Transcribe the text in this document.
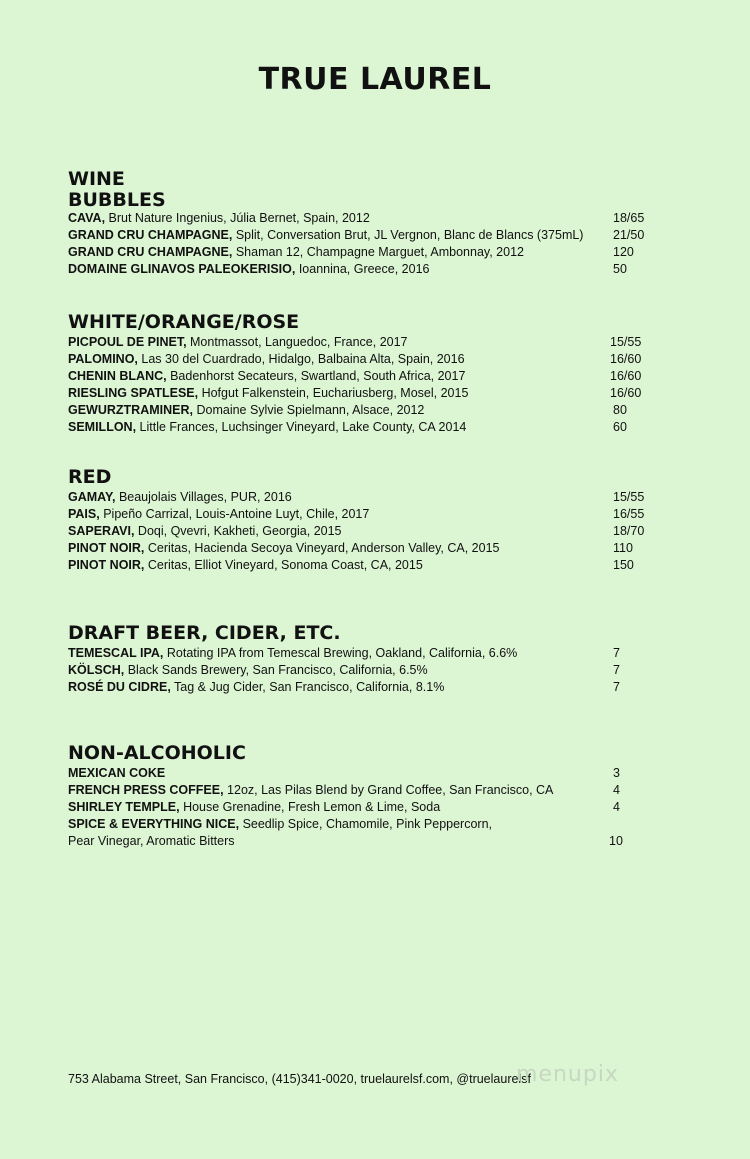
TRUE LAUREL
WINE
BUBBLES
CAVA, Brut Nature Ingenius, Júlia Bernet, Spain, 2012	18/65
GRAND CRU CHAMPAGNE, Split, Conversation Brut, JL Vergnon, Blanc de Blancs (375mL) 21/50
GRAND CRU CHAMPAGNE, Shaman 12, Champagne Marguet, Ambonnay, 2012	120
DOMAINE GLINAVOS PALEOKERISIO, Ioannina, Greece, 2016	50
WHITE/ORANGE/ROSE
PICPOUL DE PINET, Montmassot, Languedoc, France, 2017	15/55
PALOMINO, Las 30 del Cuardrado, Hidalgo, Balbaina Alta, Spain, 2016	16/60
CHENIN BLANC, Badenhorst Secateurs, Swartland, South Africa, 2017	16/60
RIESLING SPATLESE, Hofgut Falkenstein, Euchariusberg, Mosel, 2015	16/60
GEWURZTRAMINER, Domaine Sylvie Spielmann, Alsace, 2012	80
SEMILLON, Little Frances, Luchsinger Vineyard, Lake County, CA 2014	60
RED
GAMAY, Beaujolais Villages, PUR, 2016	15/55
PAIS, Pipeño Carrizal, Louis-Antoine Luyt, Chile, 2017	16/55
SAPERAVI, Doqi, Qvevri, Kakheti, Georgia, 2015	18/70
PINOT NOIR, Ceritas, Hacienda Secoya Vineyard, Anderson Valley, CA, 2015	110
PINOT NOIR, Ceritas, Elliot Vineyard, Sonoma Coast, CA, 2015	150
DRAFT BEER, CIDER, ETC.
TEMESCAL IPA, Rotating IPA from Temescal Brewing, Oakland, California, 6.6%	7
KÖLSCH, Black Sands Brewery, San Francisco, California, 6.5%	7
ROSÉ DU CIDRE, Tag & Jug Cider, San Francisco, California, 8.1%	7
NON-ALCOHOLIC
MEXICAN COKE	3
FRENCH PRESS COFFEE, 12oz, Las Pilas Blend by Grand Coffee, San Francisco, CA	4
SHIRLEY TEMPLE, House Grenadine, Fresh Lemon & Lime, Soda	4
SPICE & EVERYTHING NICE, Seedlip Spice, Chamomile, Pink Peppercorn,
Pear Vinegar, Aromatic Bitters	10
753 Alabama Street, San Francisco, (415)341-0020, truelaurelsf.com, @truelaurelsf
menupix
